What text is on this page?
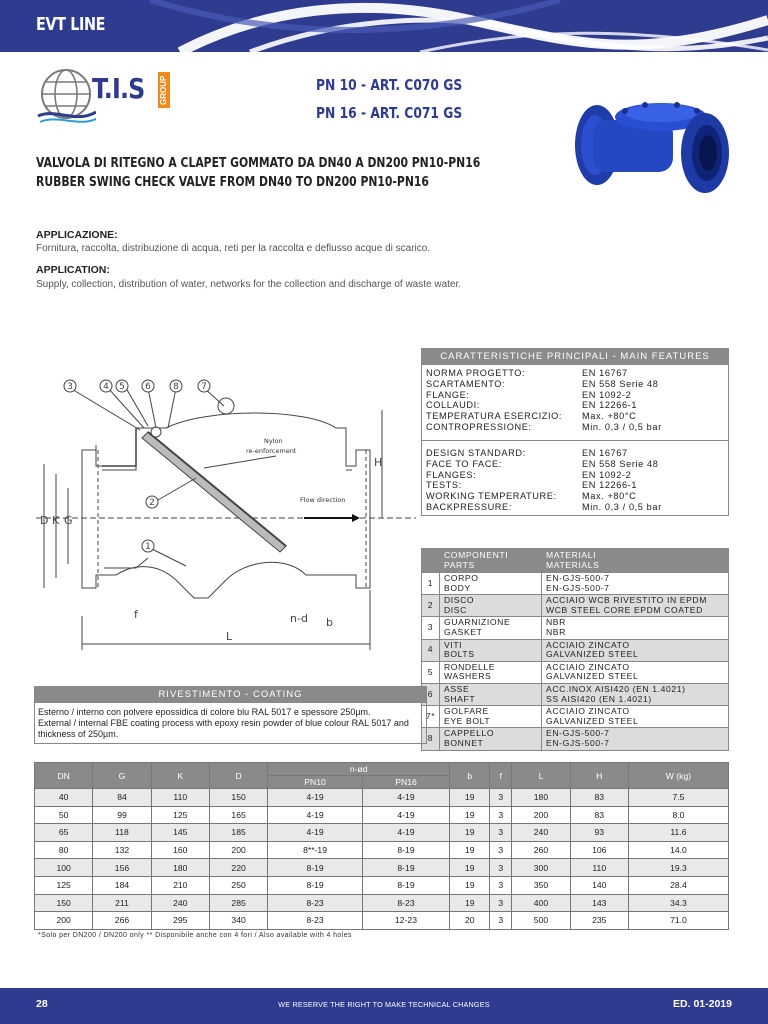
EVT LINE
T.I.S GROUP	PN 10 - ART. C070 GS
PN 16 - ART. C071 GS
VALVOLA DI RITEGNO A CLAPET GOMMATO DA DN40 A DN200 PN10-PN16
RUBBER SWING CHECK VALVE FROM DN40 TO DN200 PN10-PN16
APPLICAZIONE:
Fornitura, raccolta, distribuzione di acqua, reti per la raccolta e deflusso acque di scarico.
APPLICATION:
Supply, collection, distribution of water, networks for the collection and discharge of waste water.
3	4 5 6 8 7
2
1
Nylon
re-enforcement
Flow direction
D K G
H
f
L
n-d b
CARATTERISTICHE PRINCIPALI - MAIN FEATURES
NORMA PROGETTO:	EN 16767
SCARTAMENTO:	EN 558 Serie 48
FLANGE:	EN 1092-2
COLLAUDI:	EN 12266-1
TEMPERATURA ESERCIZIO:	Max. +80°C
CONTROPRESSIONE:	Min. 0,3 / 0,5 bar
DESIGN STANDARD:	EN 16767
FACE TO FACE:	EN 558 Serie 48
FLANGES:	EN 1092-2
TESTS:	EN 12266-1
WORKING TEMPERATURE:	Max. +80°C
BACKPRESSURE:	Min. 0,3 / 0,5 bar
	COMPONENTI
PARTS	MATERIALI
MATERIALS
1	CORPO
BODY	EN-GJS-500-7
EN-GJS-500-7
2	DISCO
DISC	ACCIAIO WCB RIVESTITO IN EPDM
WCB STEEL CORE EPDM COATED
3	GUARNIZIONE
GASKET	NBR
NBR
4	VITI
BOLTS	ACCIAIO ZINCATO
GALVANIZED STEEL
5	RONDELLE
WASHERS	ACCIAIO ZINCATO
GALVANIZED STEEL
6	ASSE
SHAFT	ACC.INOX AISI420 (EN 1.4021)
SS AISI420 (EN 1.4021)
7*	GOLFARE
EYE BOLT	ACCIAIO ZINCATO
GALVANIZED STEEL
8	CAPPELLO
BONNET	EN-GJS-500-7
EN-GJS-500-7
RIVESTIMENTO - COATING

Esterno / interno con polvere epossidica di colore blu RAL 5017 e spessore 250µm.

External / internal FBE coating process with epoxy resin powder of blue colour RAL 5017 and thickness of 250µm.

DN	G	K	D	n-ød		b	f	L	H	W (kg)
				PN10	PN16					
40	84	110	150	4-19	4-19	19	3	180	83	7.5
50	99	125	165	4-19	4-19	19	3	200	83	8.0
65	118	145	185	4-19	4-19	19	3	240	93	11.6
80	132	160	200	8**-19	8-19	19	3	260	106	14.0
100	156	180	220	8-19	8-19	19	3	300	110	19.3
125	184	210	250	8-19	8-19	19	3	350	140	28.4
150	211	240	285	8-23	8-23	19	3	400	143	34.3
200	266	295	340	8-23	12-23	20	3	500	235	71.0
*Solo per DN200 / DN200 only ** Disponibile anche con 4 fori / Also available with 4 holes
28	WE RESERVE THE RIGHT TO MAKE TECHNICAL CHANGES	ED. 01-2019
